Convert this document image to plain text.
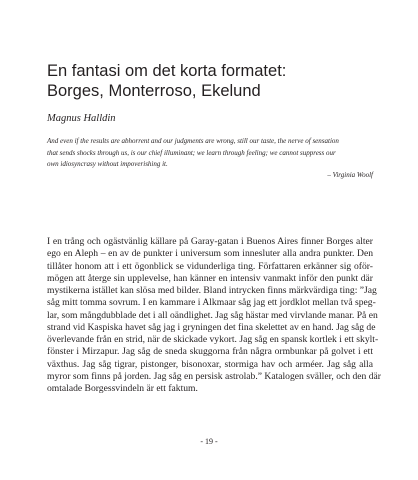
En fantasi om det korta formatet:
Borges, Monterroso, Ekelund

Magnus Halldin

And even if the results are abhorrent and our judgments are wrong, still our taste, the nerve of sensation
that sends shocks through us, is our chief illuminant; we learn through feeling; we cannot suppress our
own idiosyncrasy without impoverishing it.

– Virginia Woolf

I en trång och ogästvänlig källare på Garay-gatan i Buenos Aires finner Borges alter
ego en Aleph – en av de punkter i universum som innesluter alla andra punkter. Den
tillåter honom att i ett ögonblick se vidunderliga ting. Författaren erkänner sig oför-
mögen att återge sin upplevelse, han känner en intensiv vanmakt inför den punkt där
mystikerna istället kan slösa med bilder. Bland intrycken finns märkvärdiga ting: ”Jag
såg mitt tomma sovrum. I en kammare i Alkmaar såg jag ett jordklot mellan två speg-
lar, som mångdubblade det i all oändlighet. Jag såg hästar med virvlande manar. På en
strand vid Kaspiska havet såg jag i gryningen det fina skelettet av en hand. Jag såg de
överlevande från en strid, när de skickade vykort. Jag såg en spansk kortlek i ett skylt-
fönster i Mirzapur. Jag såg de sneda skuggorna från några ormbunkar på golvet i ett
växthus. Jag såg tigrar, pistonger, bisonoxar, stormiga hav och arméer. Jag såg alla
myror som finns på jorden. Jag såg en persisk astrolab.” Katalogen sväller, och den där
omtalade Borgessvindeln är ett faktum.

- 19 -
